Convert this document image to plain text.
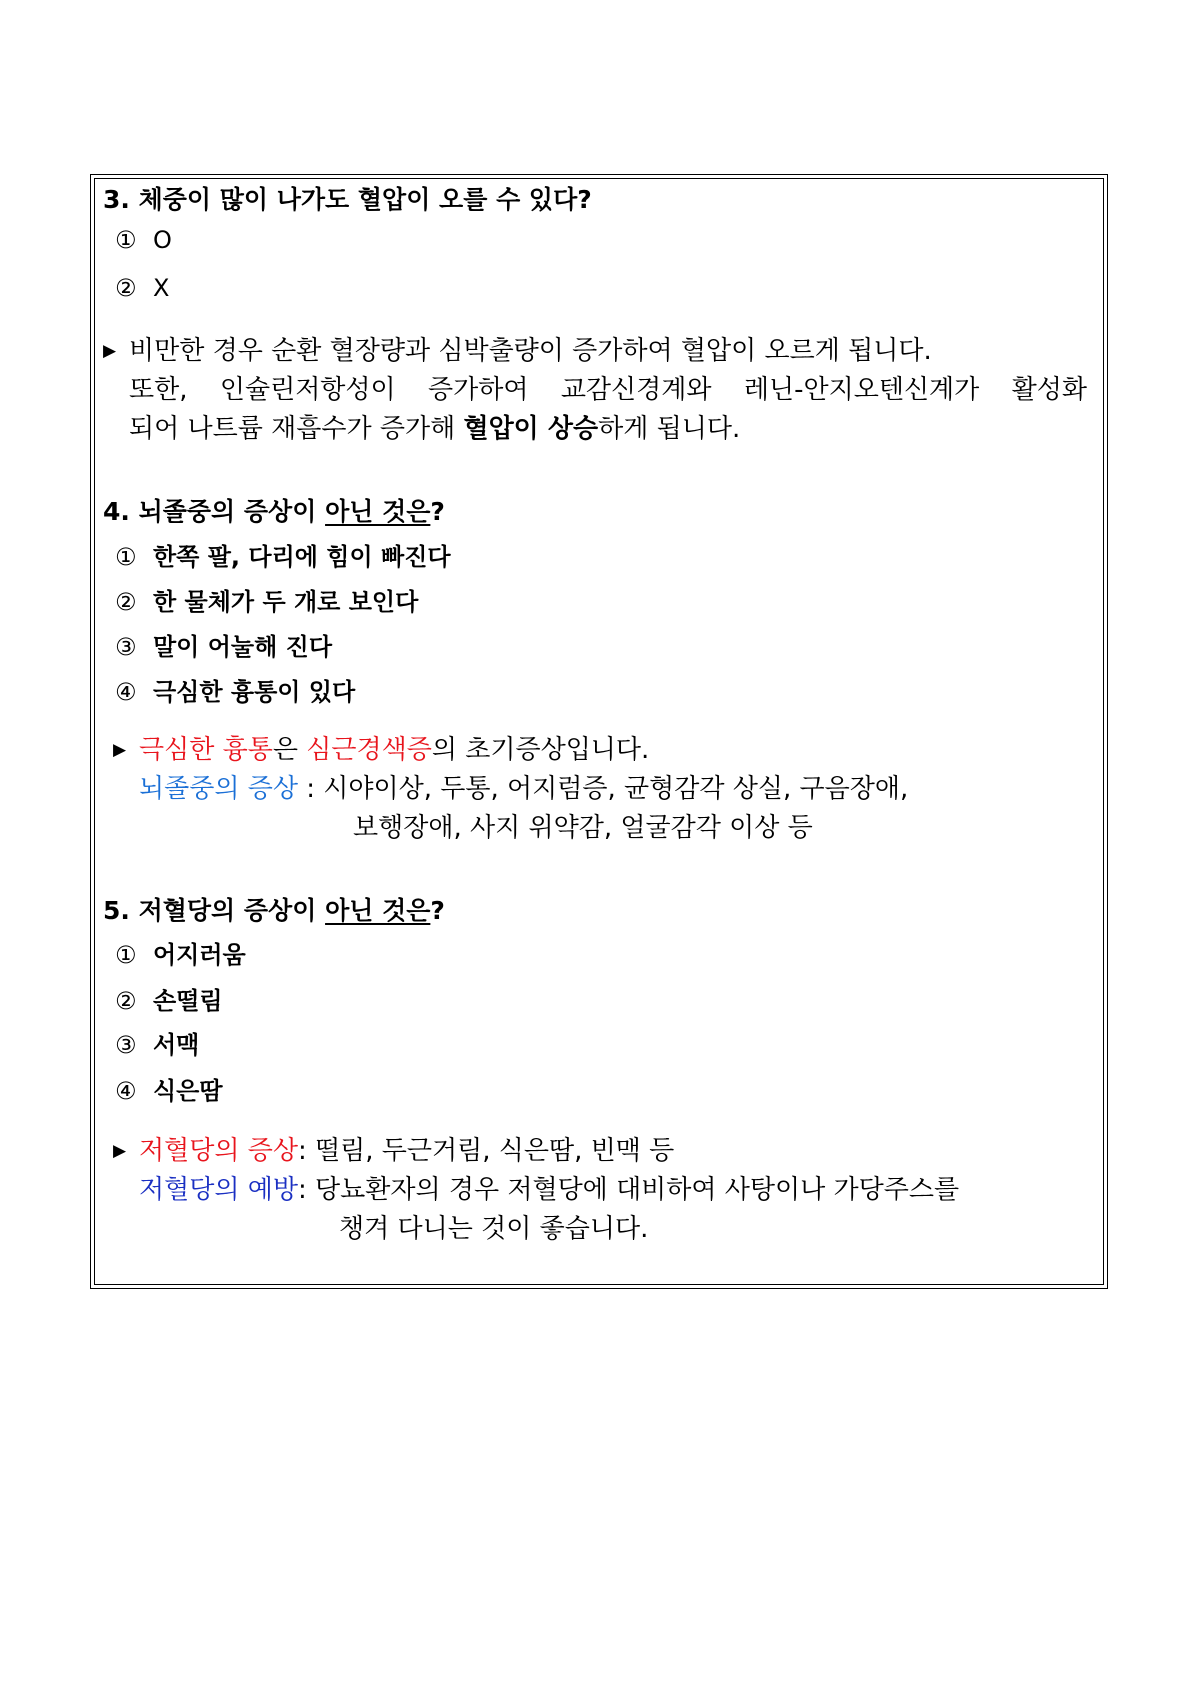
3. 체중이 많이 나가도 혈압이 오를 수 있다?
① O
② X
▶ 비만한 경우 순환 혈장량과 심박출량이 증가하여 혈압이 오르게 됩니다.
또한, 인슐린저항성이 증가하여 교감신경계와 레닌-안지오텐신계가 활성화
되어 나트륨 재흡수가 증가해 혈압이 상승하게 됩니다.
4. 뇌졸중의 증상이 아닌 것은?
① 한쪽 팔, 다리에 힘이 빠진다
② 한 물체가 두 개로 보인다
③ 말이 어눌해 진다
④ 극심한 흉통이 있다
▶ 극심한 흉통은 심근경색증의 초기증상입니다.
뇌졸중의 증상 : 시야이상, 두통, 어지럼증, 균형감각 상실, 구음장애,
보행장애, 사지 위약감, 얼굴감각 이상 등
5. 저혈당의 증상이 아닌 것은?
① 어지러움
② 손떨림
③ 서맥
④ 식은땀
▶ 저혈당의 증상: 떨림, 두근거림, 식은땀, 빈맥 등
저혈당의 예방: 당뇨환자의 경우 저혈당에 대비하여 사탕이나 가당주스를
챙겨 다니는 것이 좋습니다.
